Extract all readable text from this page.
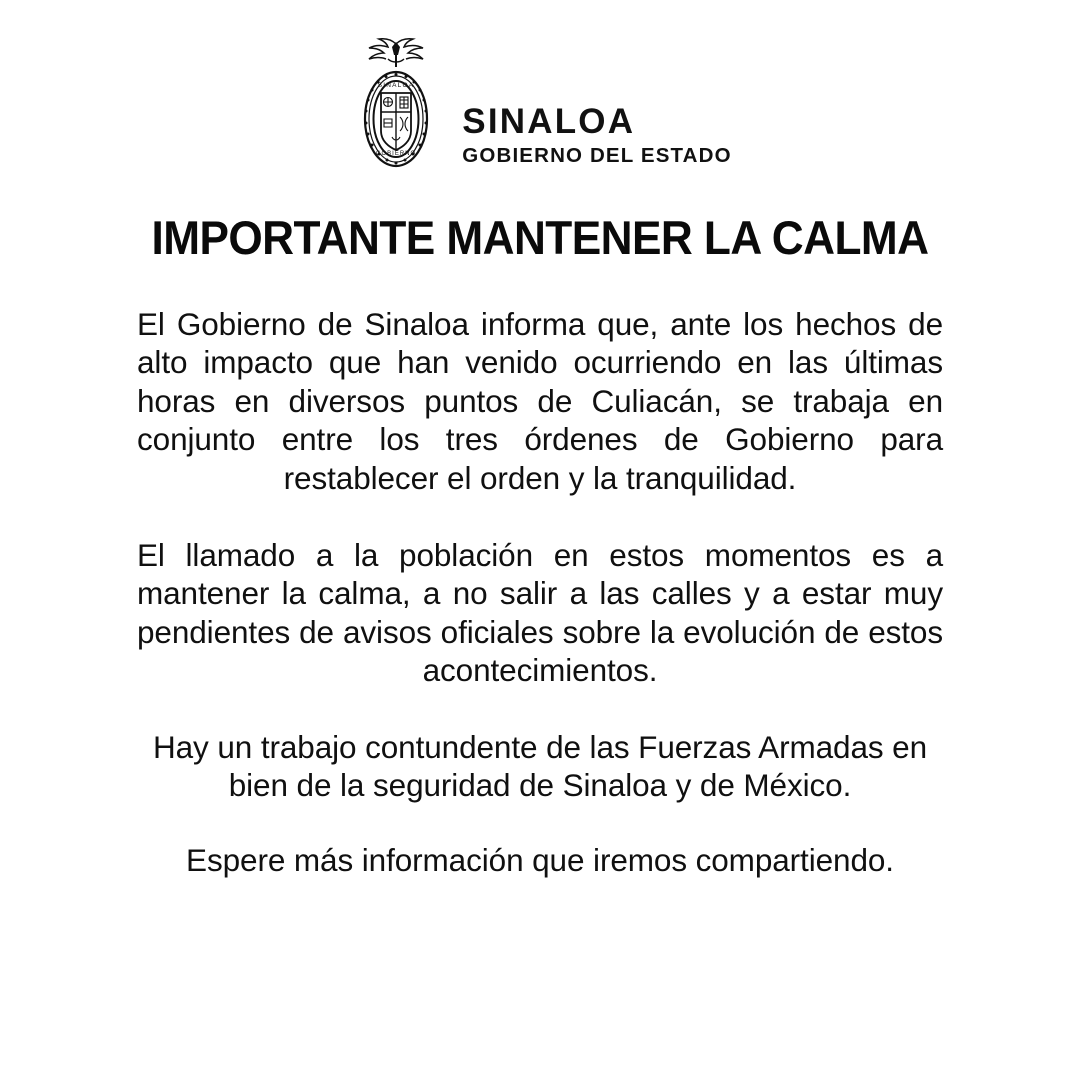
SINALOA
GOBIERNO
SINALOA
GOBIERNO DEL ESTADO
IMPORTANTE MANTENER LA CALMA

El Gobierno de Sinaloa informa que, ante los hechos de alto impacto que han venido ocurriendo en las últimas horas en diversos puntos de Culiacán, se trabaja en conjunto entre los tres órdenes de Gobierno para restablecer el orden y la tranquilidad.

El llamado a la población en estos momentos es a mantener la calma, a no salir a las calles y a estar muy pendientes de avisos oficiales sobre la evolución de estos acontecimientos.

Hay un trabajo contundente de las Fuerzas Armadas en bien de la seguridad de Sinaloa y de México.

Espere más información que iremos compartiendo.
